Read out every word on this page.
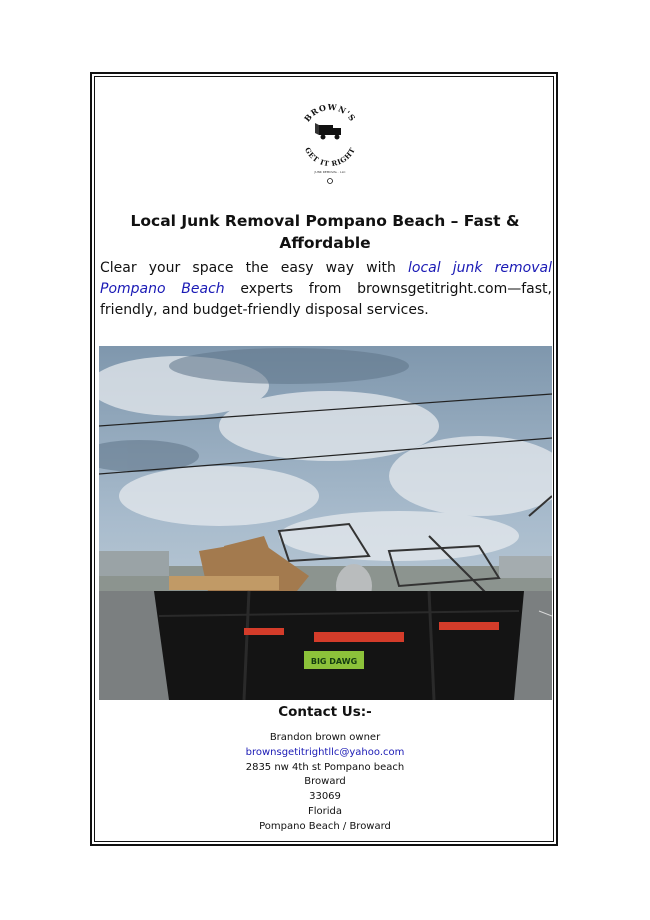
BROWN'S
GET IT RIGHT
JUNK REMOVAL · LLC
Local Junk Removal Pompano Beach – Fast & Affordable
Clear your space the easy way with local junk removal Pompano Beach experts from brownsgetitright.com—fast, friendly, and budget-friendly disposal services.
BIG DAWG
Contact Us:-
Brandon brown owner
brownsgetitrightllc@yahoo.com
2835 nw 4th st Pompano beach
Broward
33069
Florida
Pompano Beach / Broward
